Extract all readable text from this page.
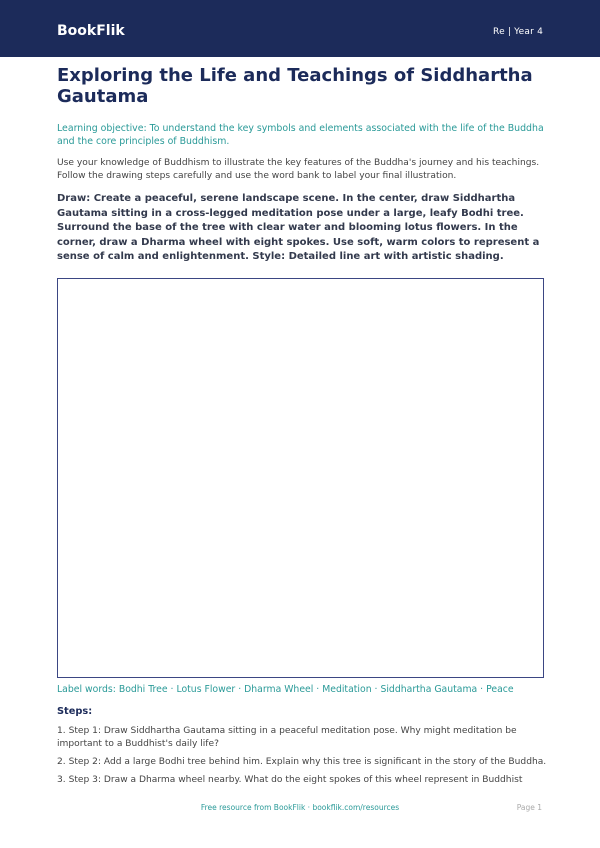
BookFlik	Re | Year 4
Exploring the Life and Teachings of Siddhartha Gautama

Learning objective: To understand the key symbols and elements associated with the life of the Buddha and the core principles of Buddhism.

Use your knowledge of Buddhism to illustrate the key features of the Buddha's journey and his teachings. Follow the drawing steps carefully and use the word bank to label your final illustration.

Draw: Create a peaceful, serene landscape scene. In the center, draw Siddhartha Gautama sitting in a cross-legged meditation pose under a large, leafy Bodhi tree. Surround the base of the tree with clear water and blooming lotus flowers. In the corner, draw a Dharma wheel with eight spokes. Use soft, warm colors to represent a sense of calm and enlightenment. Style: Detailed line art with artistic shading.

Label words: Bodhi Tree · Lotus Flower · Dharma Wheel · Meditation · Siddhartha Gautama · Peace

Steps:
1. Step 1: Draw Siddhartha Gautama sitting in a peaceful meditation pose. Why might meditation be important to a Buddhist's daily life?
2. Step 2: Add a large Bodhi tree behind him. Explain why this tree is significant in the story of the Buddha.
3. Step 3: Draw a Dharma wheel nearby. What do the eight spokes of this wheel represent in Buddhist
Free resource from BookFlik · bookflik.com/resources	Page 1
